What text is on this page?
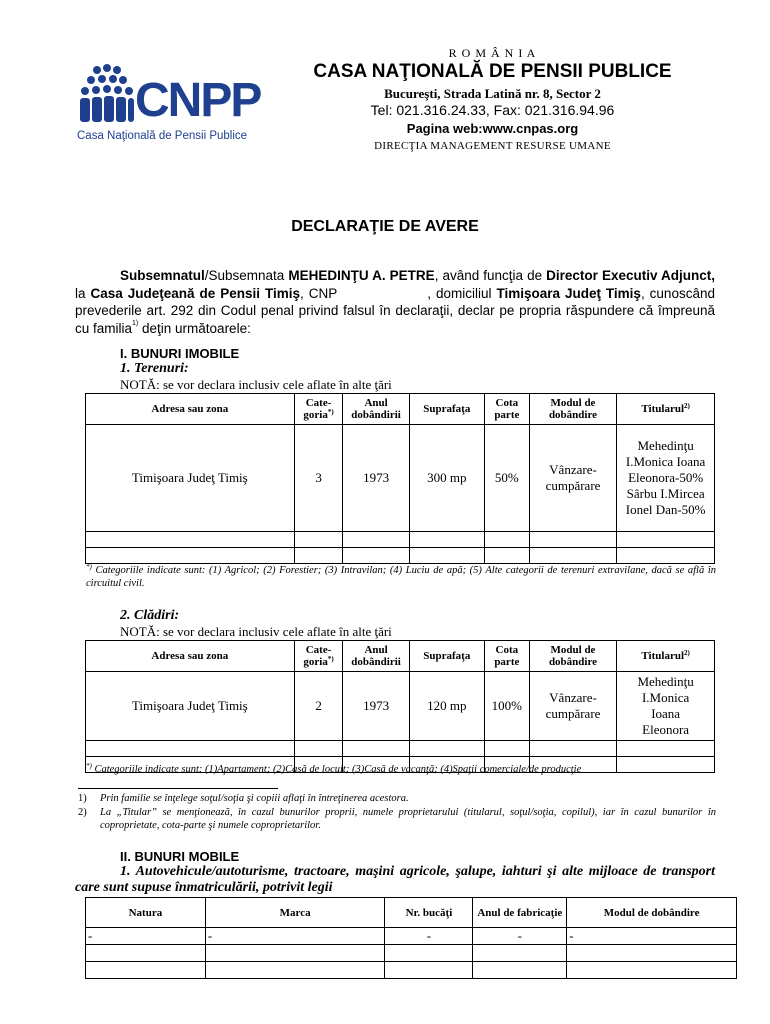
CNPP
Casa Naţională de Pensii Publice
R O M Â N I A
CASA NAŢIONALĂ DE PENSII PUBLICE
Bucureşti, Strada Latină nr. 8, Sector 2
Tel: 021.316.24.33, Fax: 021.316.94.96
Pagina web:www.cnpas.org
DIRECŢIA MANAGEMENT RESURSE UMANE
DECLARAŢIE DE AVERE
Subsemnatul/Subsemnata MEHEDINŢU A. PETRE, având funcţia de Director Executiv Adjunct, la Casa Judeţeană de Pensii Timiş, CNP	, domiciliul Timişoara Judeţ Timiş, cunoscând prevederile art. 292 din Codul penal privind falsul în declaraţii, declar pe propria răspundere că împreună cu familia$^{1)}$ deţin următoarele:
I. BUNURI IMOBILE
1. Terenuri:
NOTĂ: se vor declara inclusiv cele aflate în alte ţări
Adresa sau zona	Cate-goria*)	Anul dobândirii	Suprafaţa	Cota parte	Modul de dobândire	Titularul$^{2)}$
Timişoara Judeţ Timiş	3	1973	300 mp	50%	Vânzare-cumpărare	Mehedinţu I.Monica Ioana Eleonora-50% Sârbu I.Mircea Ionel Dan-50%

*) Categoriile indicate sunt: (1) Agricol; (2) Forestier; (3) Intravilan; (4) Luciu de apă; (5) Alte categorii de terenuri extravilane, dacă se află în circuitul civil.
2. Clădiri:
NOTĂ: se vor declara inclusiv cele aflate în alte ţări
Adresa sau zona	Cate-goria*)	Anul dobândirii	Suprafaţa	Cota parte	Modul de dobândire	Titularul$^{2)}$
Timişoara Judeţ Timiş	2	1973	120 mp	100%	Vânzare-cumpărare	Mehedinţu I.Monica Ioana Eleonora

*) Categoriile indicate sunt: (1)Apartament; (2)Casă de locuit; (3)Casă de vacanţă; (4)Spaţii comerciale/de producţie
1) Prin familie se înţelege soţul/soţia şi copiii aflaţi în întreţinerea acestora.
2) La „Titular” se menţionează, în cazul bunurilor proprii, numele proprietarului (titularul, soţul/soţia, copilul), iar în cazul bunurilor în coproprietate, cota-parte şi numele coproprietarilor.
II. BUNURI MOBILE
1. Autovehicule/autoturisme, tractoare, maşini agricole, şalupe, iahturi şi alte mijloace de transport care sunt supuse înmatriculării, potrivit legii
Natura	Marca	Nr. bucăţi	Anul de fabricaţie	Modul de dobândire
-	-	-	-	-
